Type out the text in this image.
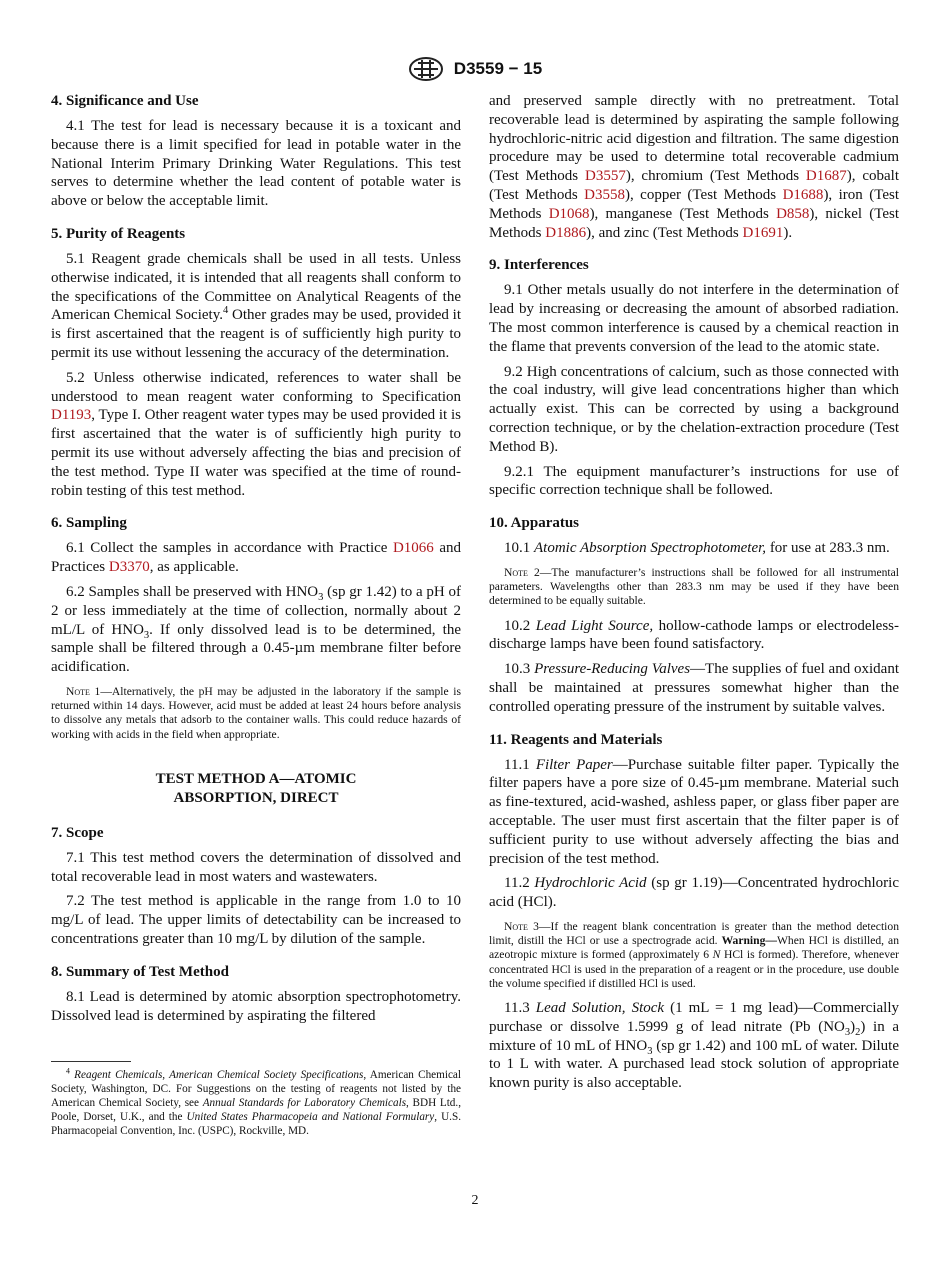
D3559 − 15
4. Significance and Use

4.1 The test for lead is necessary because it is a toxicant and because there is a limit specified for lead in potable water in the National Interim Primary Drinking Water Regulations. This test serves to determine whether the lead content of potable water is above or below the acceptable limit.

5. Purity of Reagents

5.1 Reagent grade chemicals shall be used in all tests. Unless otherwise indicated, it is intended that all reagents shall conform to the specifications of the Committee on Analytical Reagents of the American Chemical Society.$^4$ Other grades may be used, provided it is first ascertained that the reagent is of sufficiently high purity to permit its use without lessening the accuracy of the determination.

5.2 Unless otherwise indicated, references to water shall be understood to mean reagent water conforming to Specification D1193, Type I. Other reagent water types may be used provided it is first ascertained that the water is of sufficiently high purity to permit its use without adversely affecting the bias and precision of the test method. Type II water was specified at the time of round-robin testing of this test method.

6. Sampling

6.1 Collect the samples in accordance with Practice D1066 and Practices D3370, as applicable.

6.2 Samples shall be preserved with $HNO_3$ (sp gr 1.42) to a pH of 2 or less immediately at the time of collection, normally about 2 mL/L of $HNO_3$. If only dissolved lead is to be determined, the sample shall be filtered through a 0.45-µm membrane filter before acidification.

Note 1—Alternatively, the pH may be adjusted in the laboratory if the sample is returned within 14 days. However, acid must be added at least 24 hours before analysis to dissolve any metals that adsorb to the container walls. This could reduce hazards of working with acids in the field when appropriate.
TEST METHOD A—ATOMIC
ABSORPTION, DIRECT
7. Scope

7.1 This test method covers the determination of dissolved and total recoverable lead in most waters and wastewaters.

7.2 The test method is applicable in the range from 1.0 to 10 mg/L of lead. The upper limits of detectability can be increased to concentrations greater than 10 mg/L by dilution of the sample.

8. Summary of Test Method

8.1 Lead is determined by atomic absorption spectrophotometry. Dissolved lead is determined by aspirating the filtered

$^4$ Reagent Chemicals, American Chemical Society Specifications, American Chemical Society, Washington, DC. For Suggestions on the testing of reagents not listed by the American Chemical Society, see Annual Standards for Laboratory Chemicals, BDH Ltd., Poole, Dorset, U.K., and the United States Pharmacopeia and National Formulary, U.S. Pharmacopeial Convention, Inc. (USPC), Rockville, MD.

and preserved sample directly with no pretreatment. Total recoverable lead is determined by aspirating the sample following hydrochloric-nitric acid digestion and filtration. The same digestion procedure may be used to determine total recoverable cadmium (Test Methods D3557), chromium (Test Methods D1687), cobalt (Test Methods D3558), copper (Test Methods D1688), iron (Test Methods D1068), manganese (Test Methods D858), nickel (Test Methods D1886), and zinc (Test Methods D1691).

9. Interferences

9.1 Other metals usually do not interfere in the determination of lead by increasing or decreasing the amount of absorbed radiation. The most common interference is caused by a chemical reaction in the flame that prevents conversion of the lead to the atomic state.

9.2 High concentrations of calcium, such as those connected with the coal industry, will give lead concentrations higher than which actually exist. This can be corrected by using a background correction technique, or by the chelation-extraction procedure (Test Method B).

9.2.1 The equipment manufacturer’s instructions for use of specific correction technique shall be followed.

10. Apparatus

10.1 Atomic Absorption Spectrophotometer, for use at 283.3 nm.

Note 2—The manufacturer’s instructions shall be followed for all instrumental parameters. Wavelengths other than 283.3 nm may be used if they have been determined to be equally suitable.

10.2 Lead Light Source, hollow-cathode lamps or electrodeless-discharge lamps have been found satisfactory.

10.3 Pressure-Reducing Valves—The supplies of fuel and oxidant shall be maintained at pressures somewhat higher than the controlled operating pressure of the instrument by suitable valves.

11. Reagents and Materials

11.1 Filter Paper—Purchase suitable filter paper. Typically the filter papers have a pore size of 0.45-µm membrane. Material such as fine-textured, acid-washed, ashless paper, or glass fiber paper are acceptable. The user must first ascertain that the filter paper is of sufficient purity to use without adversely affecting the bias and precision of the test method.

11.2 Hydrochloric Acid (sp gr 1.19)—Concentrated hydrochloric acid (HCl).

Note 3—If the reagent blank concentration is greater than the method detection limit, distill the HCl or use a spectrograde acid. Warning—When HCl is distilled, an azeotropic mixture is formed (approximately 6 N HCl is formed). Therefore, whenever concentrated HCl is used in the preparation of a reagent or in the procedure, use double the volume specified if distilled HCl is used.

11.3 Lead Solution, Stock (1 mL = 1 mg lead)—Commercially purchase or dissolve 1.5999 g of lead nitrate (Pb $(NO_3)_2$) in a mixture of 10 mL of $HNO_3$ (sp gr 1.42) and 100 mL of water. Dilute to 1 L with water. A purchased lead stock solution of appropriate known purity is also acceptable.

2
